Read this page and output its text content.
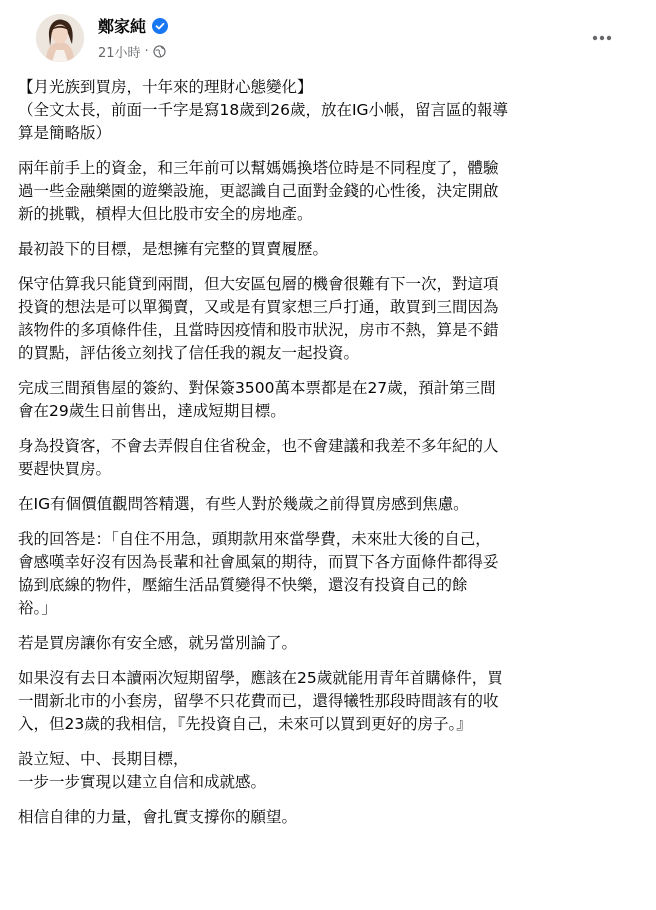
鄭家純
21小時 ·

【月光族到買房，十年來的理財心態變化】
（全文太長，前面一千字是寫18歲到26歲，放在IG小帳，留言區的報導
算是簡略版）

兩年前手上的資金，和三年前可以幫媽媽換塔位時是不同程度了，體驗
過一些金融樂園的遊樂設施，更認識自己面對金錢的心性後，決定開啟
新的挑戰，槓桿大但比股市安全的房地產。

最初設下的目標，是想擁有完整的買賣履歷。

保守估算我只能貸到兩間，但大安區包層的機會很難有下一次，對這項
投資的想法是可以單獨賣，又或是有買家想三戶打通，敢買到三間因為
該物件的多項條件佳，且當時因疫情和股市狀況，房市不熱，算是不錯
的買點，評估後立刻找了信任我的親友一起投資。

完成三間預售屋的簽約、對保簽3500萬本票都是在27歲，預計第三間
會在29歲生日前售出，達成短期目標。

身為投資客，不會去弄假自住省稅金，也不會建議和我差不多年紀的人
要趕快買房。

在IG有個價值觀問答精選，有些人對於幾歲之前得買房感到焦慮。

我的回答是：「自住不用急，頭期款用來當學費，未來壯大後的自己，
會感嘆幸好沒有因為長輩和社會風氣的期待，而買下各方面條件都得妥
協到底線的物件，壓縮生活品質變得不快樂，還沒有投資自己的餘
裕。」

若是買房讓你有安全感，就另當別論了。

如果沒有去日本讀兩次短期留學，應該在25歲就能用青年首購條件，買
一間新北市的小套房，留學不只花費而已，還得犧牲那段時間該有的收
入，但23歲的我相信，『先投資自己，未來可以買到更好的房子。』

設立短、中、長期目標，
一步一步實現以建立自信和成就感。

相信自律的力量，會扎實支撐你的願望。
